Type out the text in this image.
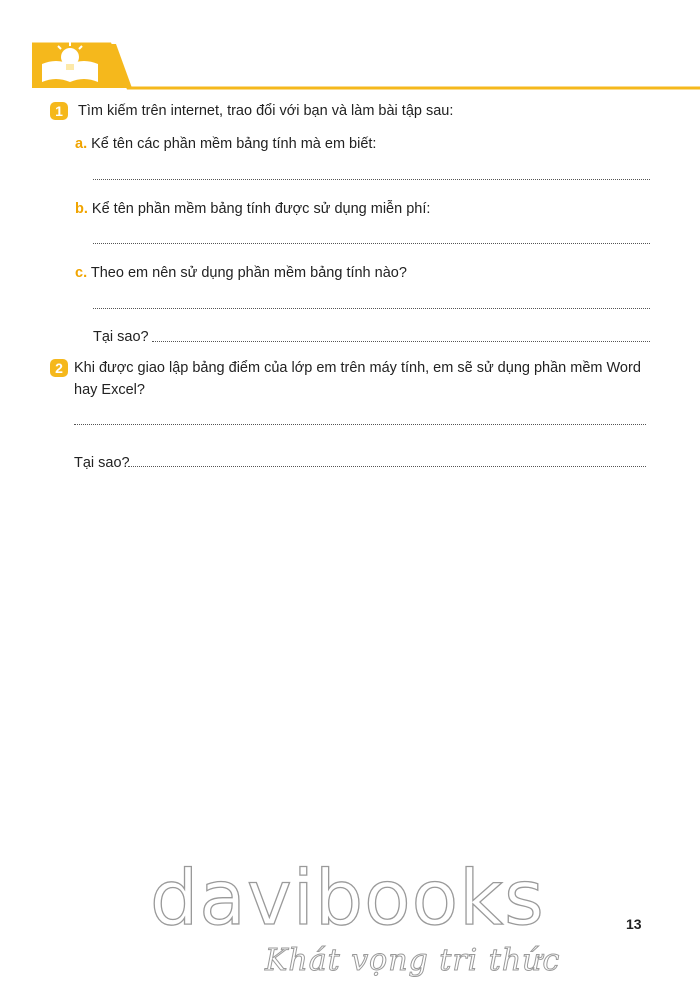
1	Tìm kiếm trên internet, trao đổi với bạn và làm bài tập sau:
a. Kể tên các phần mềm bảng tính mà em biết:
b. Kể tên phần mềm bảng tính được sử dụng miễn phí:
c. Theo em nên sử dụng phần mềm bảng tính nào?
Tại sao?
2 Khi được giao lập bảng điểm của lớp em trên máy tính, em sẽ sử dụng phần mềm Word
hay Excel?
Tại sao?
davibooks
Khát vọng tri thức
13
